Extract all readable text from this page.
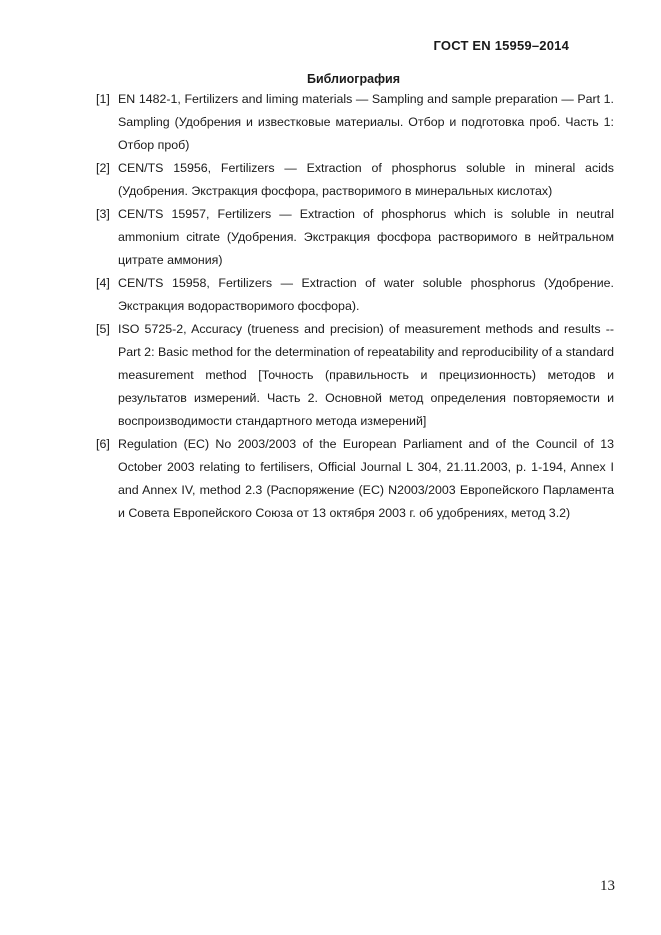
ГОСТ EN 15959–2014
Библиография
[1] EN 1482-1, Fertilizers and liming materials — Sampling and sample preparation — Part 1. Sampling (Удобрения и известковые материалы. Отбор и подготовка проб. Часть 1: Отбор проб)
[2] CEN/TS 15956, Fertilizers — Extraction of phosphorus soluble in mineral acids (Удобрения. Экстракция фосфора, растворимого в минеральных кислотах)
[3] CEN/TS 15957, Fertilizers — Extraction of phosphorus which is soluble in neutral ammonium citrate (Удобрения. Экстракция фосфора растворимого в нейтральном цитрате аммония)
[4] CEN/TS 15958, Fertilizers — Extraction of water soluble phosphorus (Удобрение. Экстракция водорастворимого фосфора).
[5] ISO 5725-2, Accuracy (trueness and precision) of measurement methods and results -- Part 2: Basic method for the determination of repeatability and reproducibility of a standard measurement method [Точность (правильность и прецизионность) методов и результатов измерений. Часть 2. Основной метод определения повторяемости и воспроизводимости стандартного метода измерений]
[6] Regulation (EC) No 2003/2003 of the European Parliament and of the Council of 13 October 2003 relating to fertilisers, Official Journal L 304, 21.11.2003, p. 1-194, Annex I and Annex IV, method 2.3 (Распоряжение (EC) N2003/2003 Европейского Парламента и Совета Европейского Союза от 13 октября 2003 г. об удобрениях, метод 3.2)
13
